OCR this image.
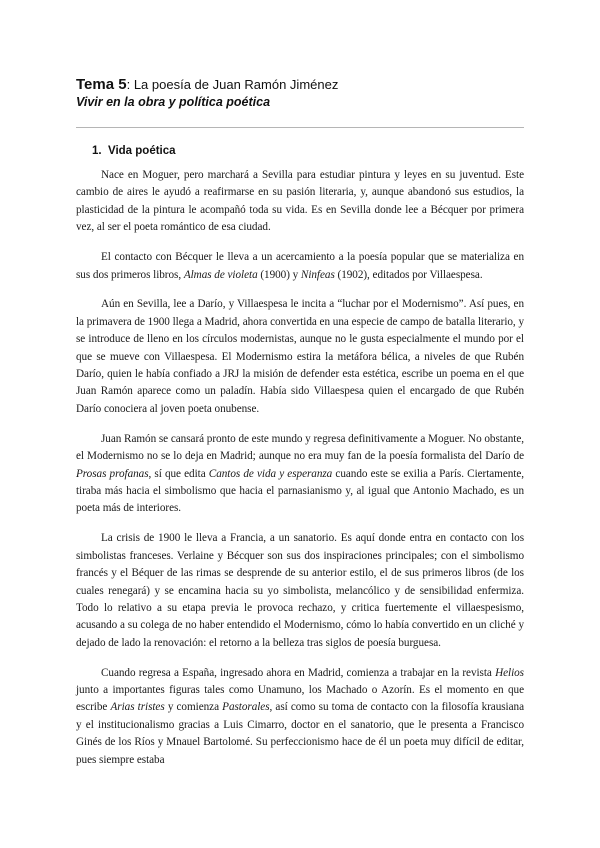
Tema 5: La poesía de Juan Ramón Jiménez

Vivir en la obra y política poética

1. Vida poética

Nace en Moguer, pero marchará a Sevilla para estudiar pintura y leyes en su juventud. Este cambio de aires le ayudó a reafirmarse en su pasión literaria, y, aunque abandonó sus estudios, la plasticidad de la pintura le acompañó toda su vida. Es en Sevilla donde lee a Bécquer por primera vez, al ser el poeta romántico de esa ciudad.

El contacto con Bécquer le lleva a un acercamiento a la poesía popular que se materializa en sus dos primeros libros, Almas de violeta (1900) y Ninfeas (1902), editados por Villaespesa.

Aún en Sevilla, lee a Darío, y Villaespesa le incita a “luchar por el Modernismo”. Así pues, en la primavera de 1900 llega a Madrid, ahora convertida en una especie de campo de batalla literario, y se introduce de lleno en los círculos modernistas, aunque no le gusta especialmente el mundo por el que se mueve con Villaespesa. El Modernismo estira la metáfora bélica, a niveles de que Rubén Darío, quien le había confiado a JRJ la misión de defender esta estética, escribe un poema en el que Juan Ramón aparece como un paladín. Había sido Villaespesa quien el encargado de que Rubén Darío conociera al joven poeta onubense.

Juan Ramón se cansará pronto de este mundo y regresa definitivamente a Moguer. No obstante, el Modernismo no se lo deja en Madrid; aunque no era muy fan de la poesía formalista del Darío de Prosas profanas, sí que edita Cantos de vida y esperanza cuando este se exilia a París. Ciertamente, tiraba más hacia el simbolismo que hacia el parnasianismo y, al igual que Antonio Machado, es un poeta más de interiores.

La crisis de 1900 le lleva a Francia, a un sanatorio. Es aquí donde entra en contacto con los simbolistas franceses. Verlaine y Bécquer son sus dos inspiraciones principales; con el simbolismo francés y el Béquer de las rimas se desprende de su anterior estilo, el de sus primeros libros (de los cuales renegará) y se encamina hacia su yo simbolista, melancólico y de sensibilidad enfermiza. Todo lo relativo a su etapa previa le provoca rechazo, y critica fuertemente el villaespesismo, acusando a su colega de no haber entendido el Modernismo, cómo lo había convertido en un cliché y dejado de lado la renovación: el retorno a la belleza tras siglos de poesía burguesa.

Cuando regresa a España, ingresado ahora en Madrid, comienza a trabajar en la revista Helios junto a importantes figuras tales como Unamuno, los Machado o Azorín. Es el momento en que escribe Arias tristes y comienza Pastorales, así como su toma de contacto con la filosofía krausiana y el institucionalismo gracias a Luis Cimarro, doctor en el sanatorio, que le presenta a Francisco Ginés de los Ríos y Mnauel Bartolomé. Su perfeccionismo hace de él un poeta muy difícil de editar, pues siempre estaba
